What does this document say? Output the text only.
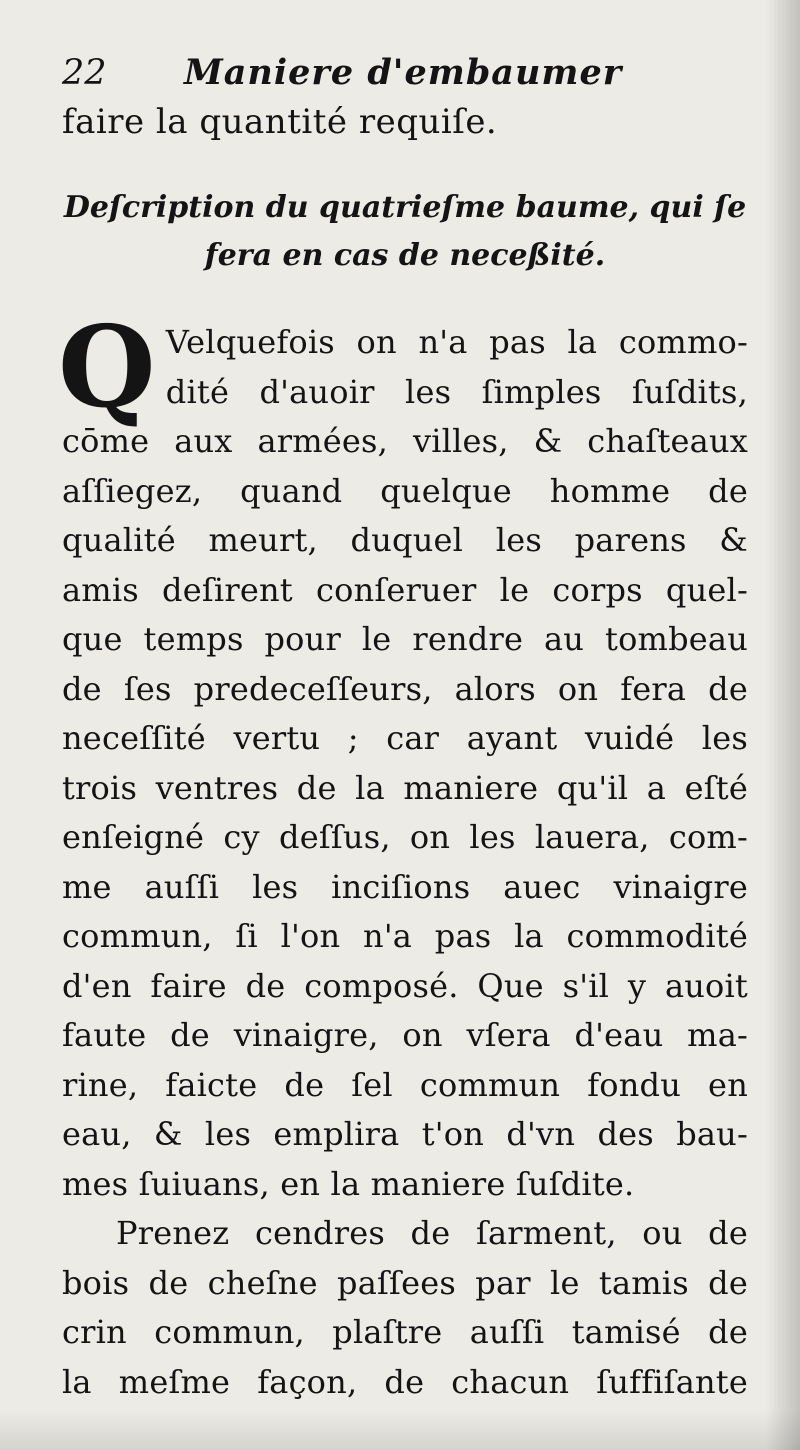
22	Maniere d'embaumer
faire la quantité requiſe.
Deſcription du quatrieſme baume, qui ſe
fera en cas de neceßité.
Q Velquefois on n'a pas la commo-
dité d'auoir les ſimples ſuſdits,
cōme aux armées, villes, & chaſteaux
aſſiegez, quand quelque homme de
qualité meurt, duquel les parens &
amis deſirent conſeruer le corps quel-
que temps pour le rendre au tombeau
de ſes predeceſſeurs, alors on fera de
neceſſité vertu ; car ayant vuidé les
trois ventres de la maniere qu'il a eſté
enſeigné cy deſſus, on les lauera, com-
me auſſi les inciſions auec vinaigre
commun, ſi l'on n'a pas la commodité
d'en faire de composé. Que s'il y auoit
faute de vinaigre, on vſera d'eau ma-
rine, faicte de ſel commun fondu en
eau, & les emplira t'on d'vn des bau-
mes ſuiuans, en la maniere ſuſdite.
Prenez cendres de ſarment, ou de
bois de cheſne paſſees par le tamis de
crin commun, plaſtre auſſi tamisé de
la meſme façon, de chacun ſuffiſante
